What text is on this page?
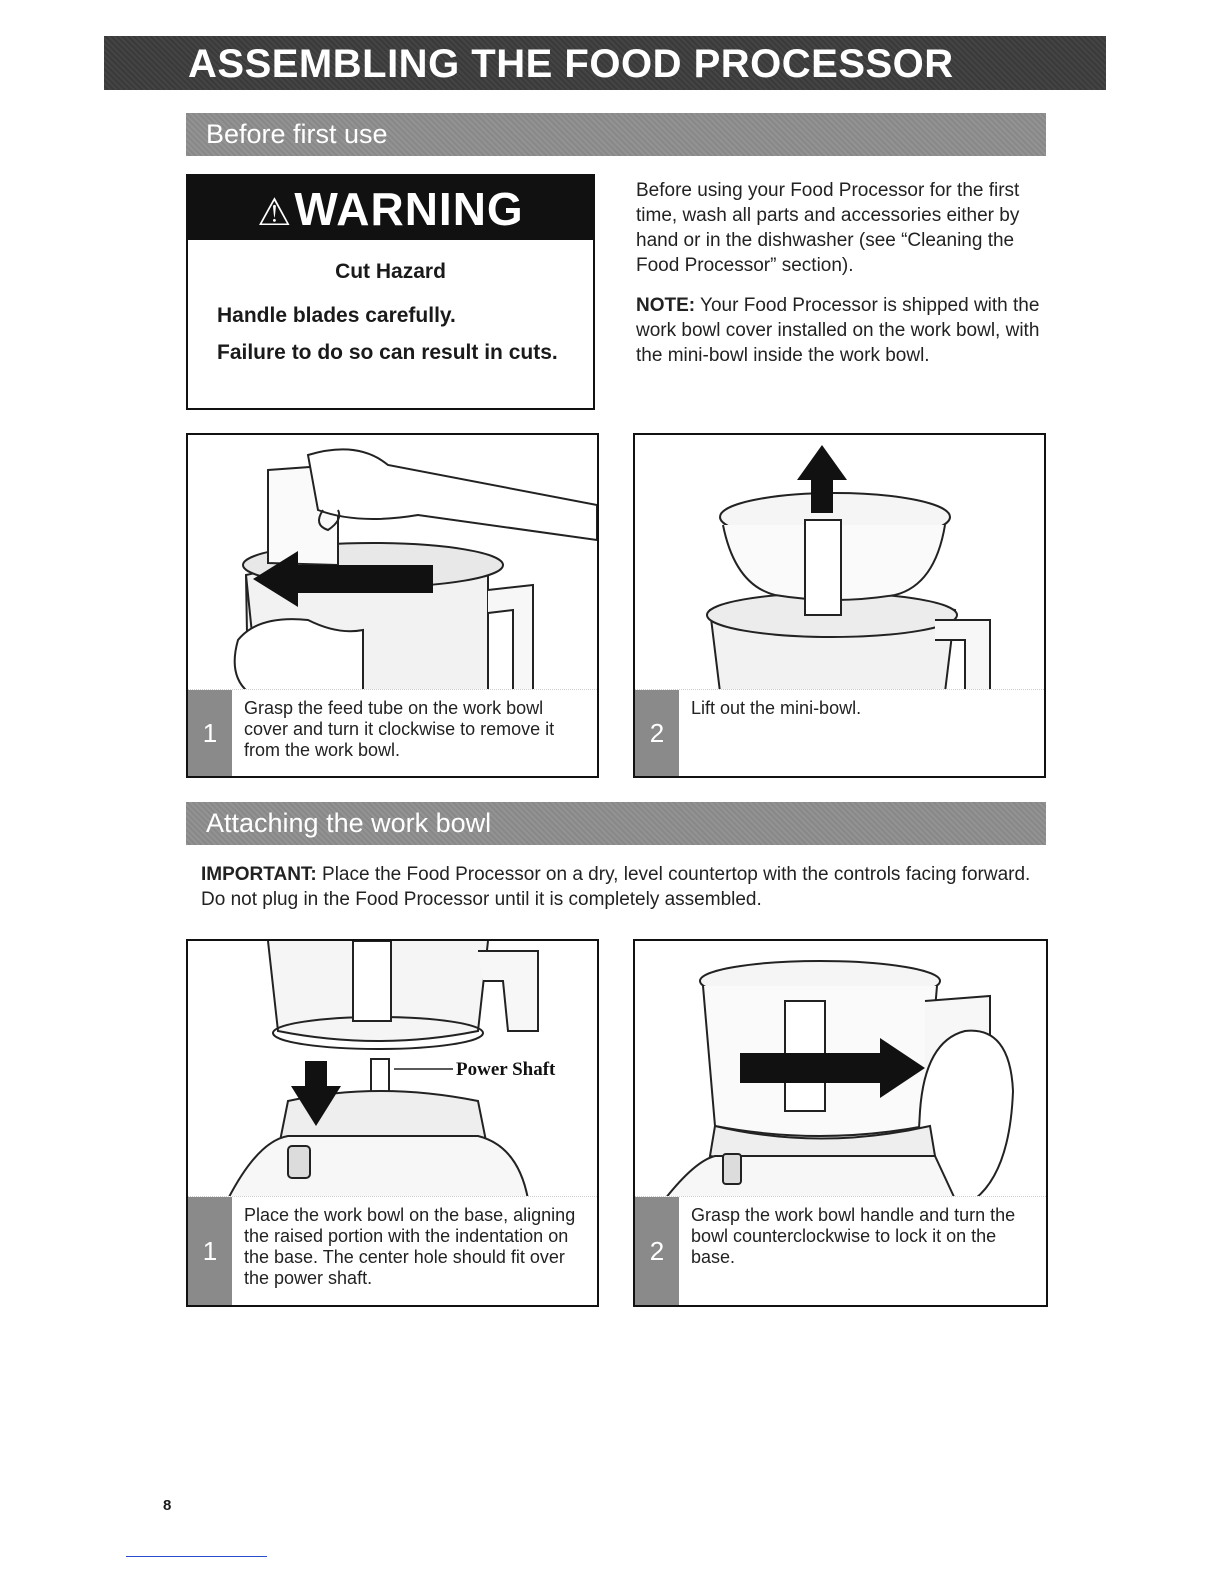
ASSEMBLING THE FOOD PROCESSOR
Before first use
⚠WARNING
Cut Hazard
Handle blades carefully.
Failure to do so can result in cuts.
Before using your Food Processor for the first time, wash all parts and accessories either by hand or in the dishwasher (see “Cleaning the Food Processor” section).
NOTE: Your Food Processor is shipped with the work bowl cover installed on the work bowl, with the mini-bowl inside the work bowl.
1
Grasp the feed tube on the work bowl cover and turn it clockwise to remove it from the work bowl.
2
Lift out the mini-bowl.
Attaching the work bowl
IMPORTANT: Place the Food Processor on a dry, level countertop with the controls facing forward. Do not plug in the Food Processor until it is completely assembled.
Power Shaft
1
Place the work bowl on the base, aligning the raised portion with the indentation on the base. The center hole should fit over the power shaft.
2
Grasp the work bowl handle and turn the bowl counterclockwise to lock it on the base.
8
